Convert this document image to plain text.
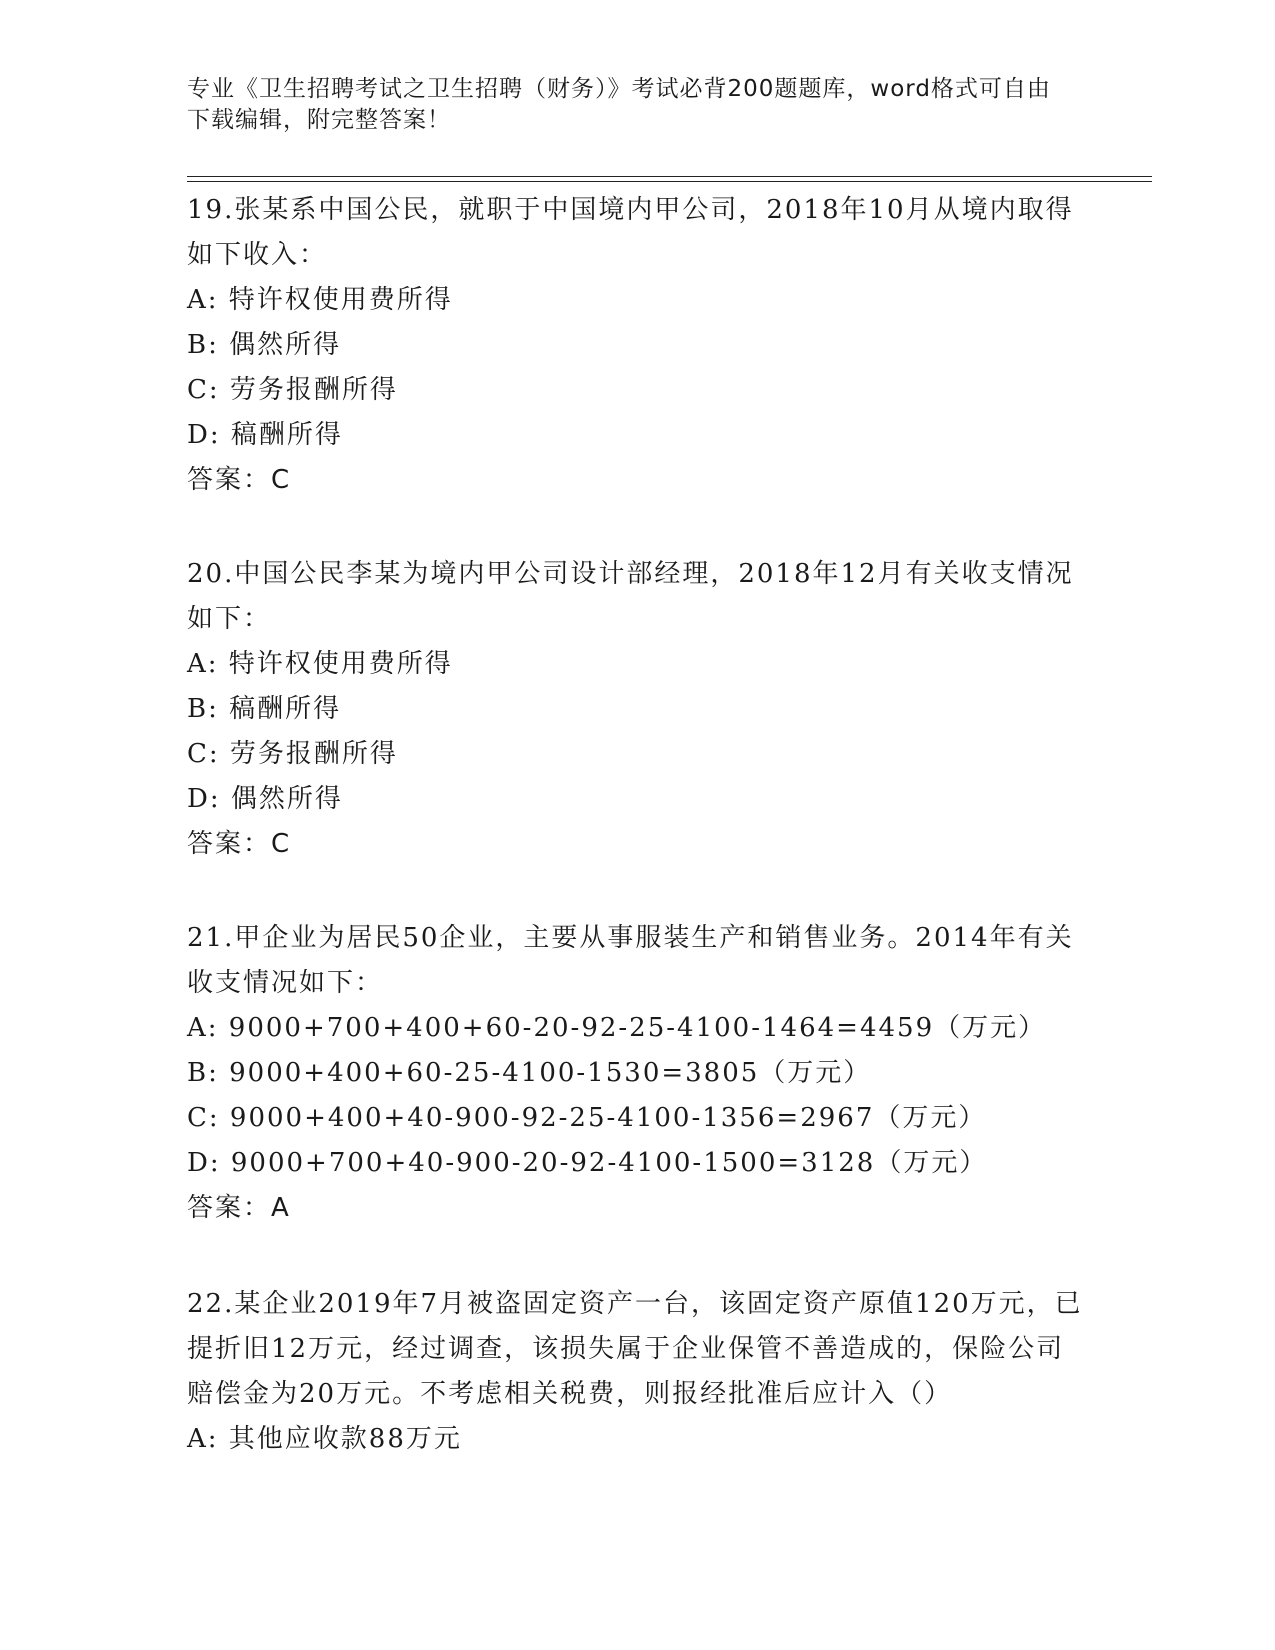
专业《卫生招聘考试之卫生招聘（财务）》考试必背200题题库，word格式可自由下载编辑，附完整答案！
19.张某系中国公民，就职于中国境内甲公司，2018年10月从境内取得如下收入：
A: 特许权使用费所得
B: 偶然所得
C: 劳务报酬所得
D: 稿酬所得
答案：C
20.中国公民李某为境内甲公司设计部经理，2018年12月有关收支情况如下：
A: 特许权使用费所得
B: 稿酬所得
C: 劳务报酬所得
D: 偶然所得
答案：C
21.甲企业为居民50企业，主要从事服装生产和销售业务。2014年有关收支情况如下：
A: 9000+700+400+60-20-92-25-4100-1464=4459（万元）
B: 9000+400+60-25-4100-1530=3805（万元）
C: 9000+400+40-900-92-25-4100-1356=2967（万元）
D: 9000+700+40-900-20-92-4100-1500=3128（万元）
答案：A
22.某企业2019年7月被盗固定资产一台，该固定资产原值120万元，已提折旧12万元，经过调查，该损失属于企业保管不善造成的，保险公司赔偿金为20万元。不考虑相关税费，则报经批准后应计入（）
A: 其他应收款88万元
